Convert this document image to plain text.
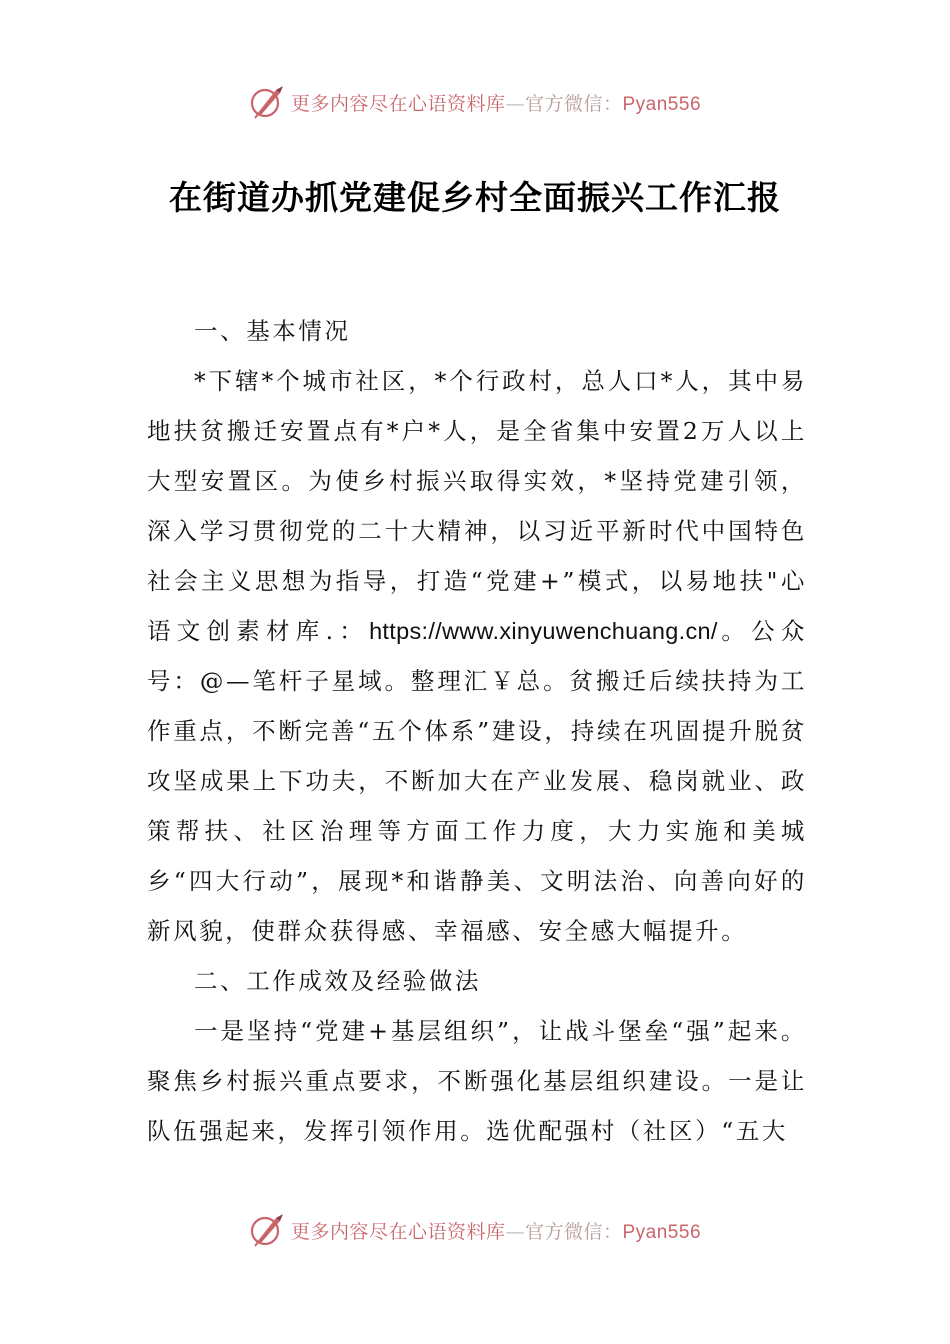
更多内容尽在心语资料库—官方微信：Pyan556
在街道办抓党建促乡村全面振兴工作汇报

一、基本情况

*下辖*个城市社区，*个行政村，总人口*人，其中易地扶贫搬迁安置点有*户*人，是全省集中安置2万人以上大型安置区。为使乡村振兴取得实效，*坚持党建引领，深入学习贯彻党的二十大精神，以习近平新时代中国特色社会主义思想为指导，打造“党建+”模式，以易地扶"心语文创素材库.：https://www.xinyuwenchuang.cn/。公众号：@—笔杆子星域。整理汇￥总。贫搬迁后续扶持为工作重点，不断完善“五个体系”建设，持续在巩固提升脱贫攻坚成果上下功夫，不断加大在产业发展、稳岗就业、政策帮扶、社区治理等方面工作力度，大力实施和美城乡“四大行动”，展现*和谐静美、文明法治、向善向好的新风貌，使群众获得感、幸福感、安全感大幅提升。

二、工作成效及经验做法

一是坚持“党建+基层组织”，让战斗堡垒“强”起来。聚焦乡村振兴重点要求，不断强化基层组织建设。一是让队伍强起来，发挥引领作用。选优配强村（社区）“五大

更多内容尽在心语资料库—官方微信：Pyan556
